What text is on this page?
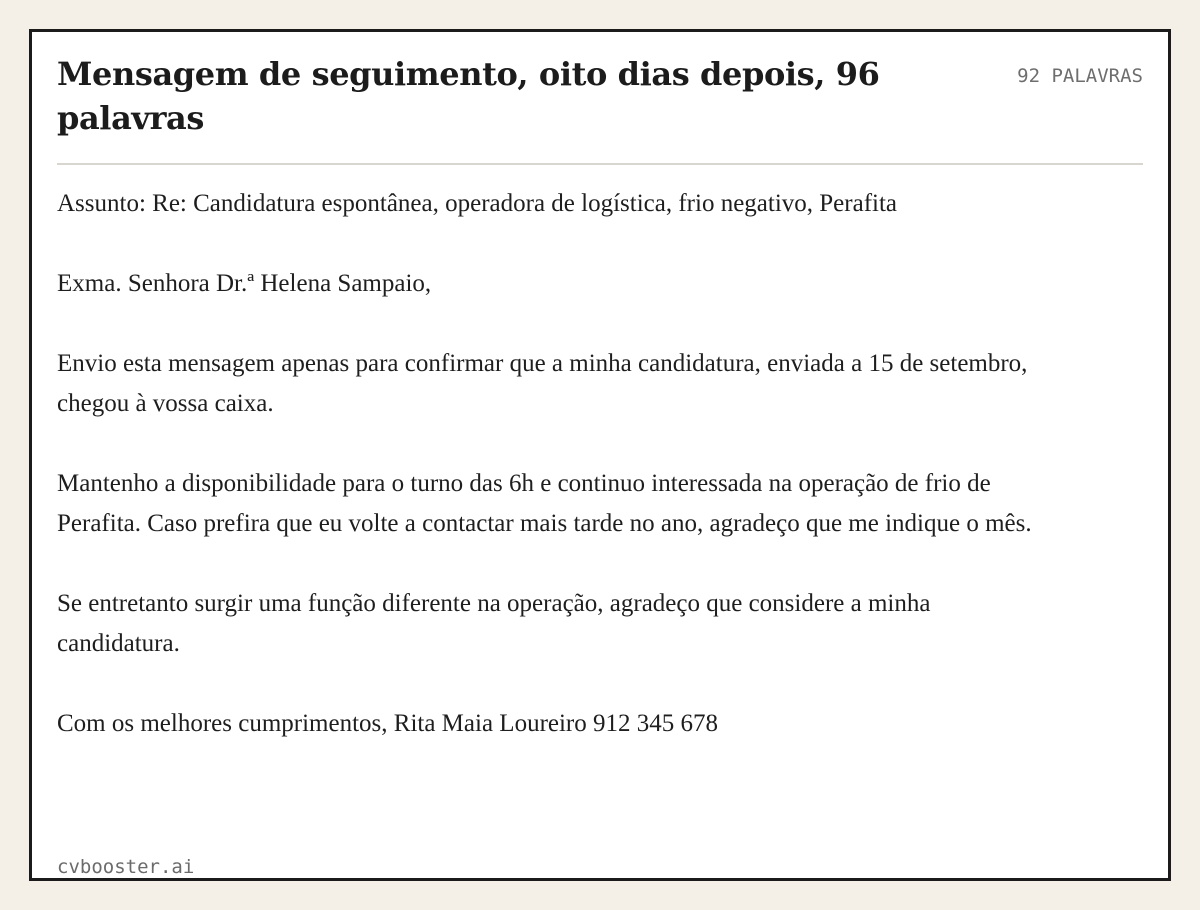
Mensagem de seguimento, oito dias depois, 96 palavras
92 PALAVRAS

Assunto: Re: Candidatura espontânea, operadora de logística, frio negativo, Perafita

Exma. Senhora Dr.ª Helena Sampaio,

Envio esta mensagem apenas para confirmar que a minha candidatura, enviada a 15 de setembro, chegou à vossa caixa.

Mantenho a disponibilidade para o turno das 6h e continuo interessada na operação de frio de Perafita. Caso prefira que eu volte a contactar mais tarde no ano, agradeço que me indique o mês.

Se entretanto surgir uma função diferente na operação, agradeço que considere a minha candidatura.

Com os melhores cumprimentos, Rita Maia Loureiro 912 345 678

cvbooster.ai
